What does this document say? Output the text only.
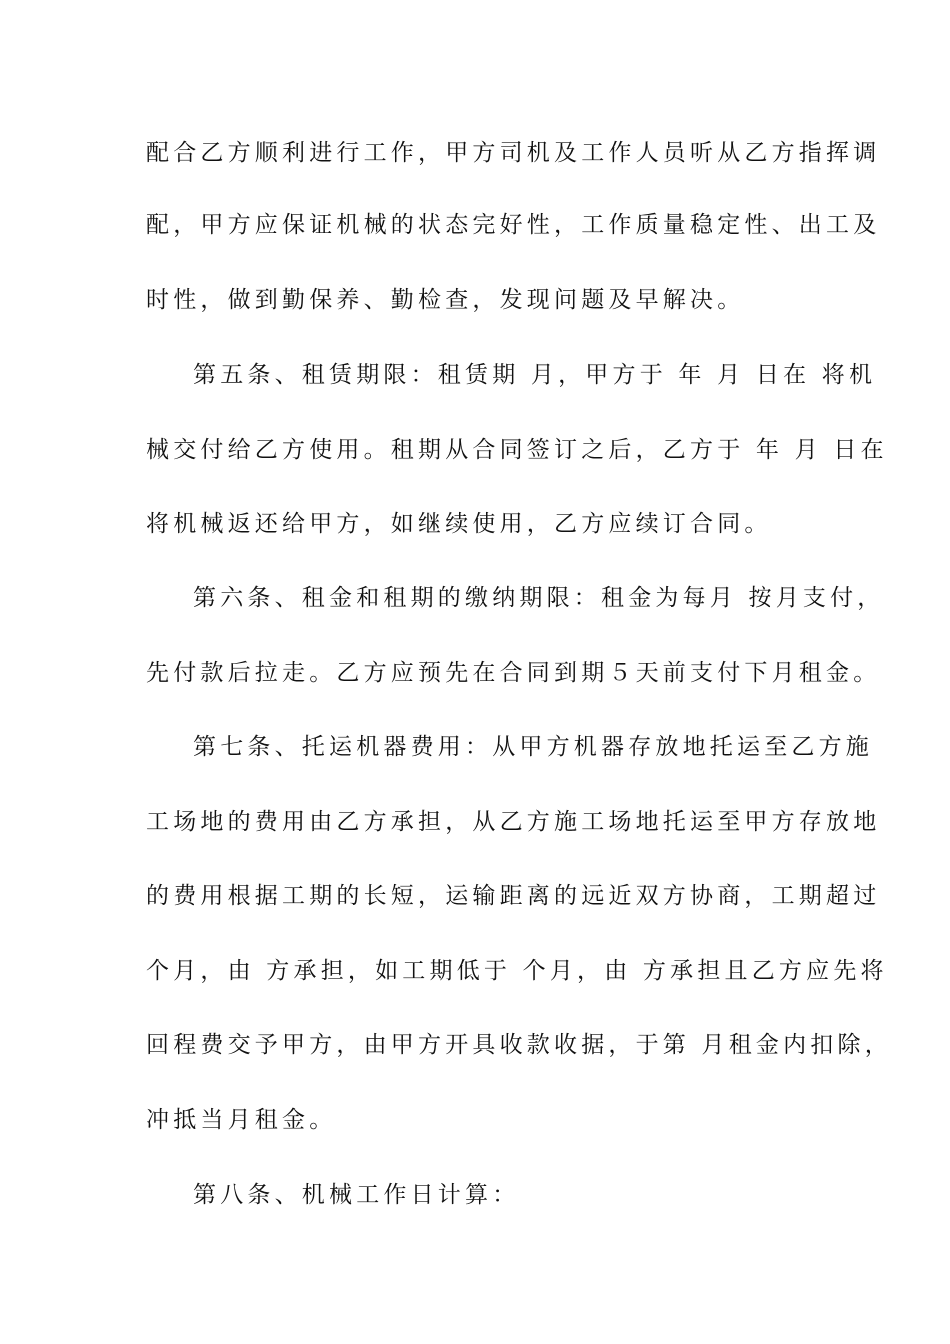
配合乙方顺利进行工作，甲方司机及工作人员听从乙方指挥调
配，甲方应保证机械的状态完好性，工作质量稳定性、出工及
时性，做到勤保养、勤检查，发现问题及早解决。
第五条、租赁期限：租赁期 月，甲方于 年 月 日在 将机
械交付给乙方使用。租期从合同签订之后，乙方于 年 月 日在
将机械返还给甲方，如继续使用，乙方应续订合同。
第六条、租金和租期的缴纳期限：租金为每月 按月支付，
先付款后拉走。乙方应预先在合同到期５天前支付下月租金。
第七条、托运机器费用：从甲方机器存放地托运至乙方施
工场地的费用由乙方承担，从乙方施工场地托运至甲方存放地
的费用根据工期的长短，运输距离的远近双方协商，工期超过
个月，由 方承担，如工期低于 个月，由 方承担且乙方应先将
回程费交予甲方，由甲方开具收款收据，于第 月租金内扣除，
冲抵当月租金。
第八条、机械工作日计算：
